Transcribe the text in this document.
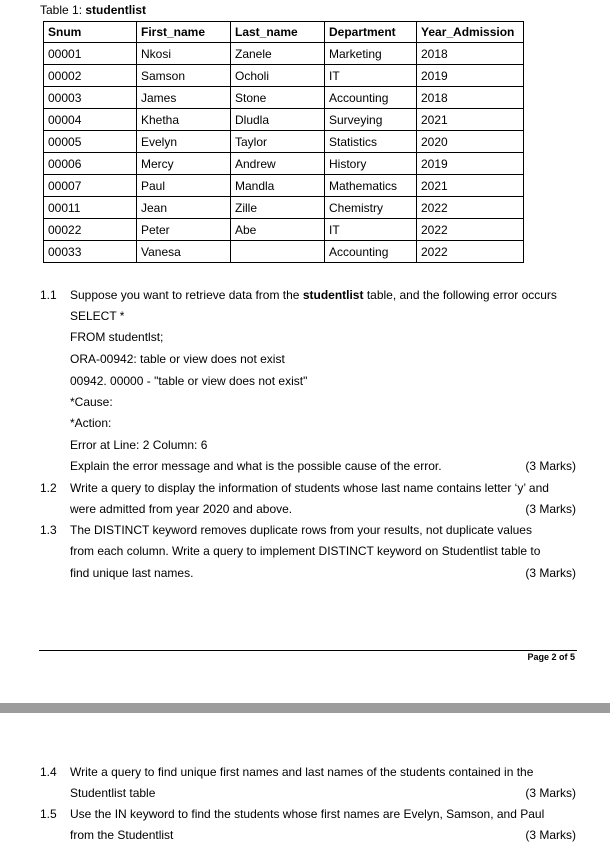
Table 1: studentlist
Snum	First_name	Last_name	Department	Year_Admission
00001	Nkosi	Zanele	Marketing	2018
00002	Samson	Ocholi	IT	2019
00003	James	Stone	Accounting	2018
00004	Khetha	Dludla	Surveying	2021
00005	Evelyn	Taylor	Statistics	2020
00006	Mercy	Andrew	History	2019
00007	Paul	Mandla	Mathematics	2021
00011	Jean	Zille	Chemistry	2022
00022	Peter	Abe	IT	2022
00033	Vanesa		Accounting	2022
1.1 Suppose you want to retrieve data from the studentlist table, and the following error occurs
SELECT *
FROM studentlst;
ORA-00942: table or view does not exist
00942. 00000 - "table or view does not exist"
*Cause:
*Action:
Error at Line: 2 Column: 6
Explain the error message and what is the possible cause of the error.	(3 Marks)
1.2 Write a query to display the information of students whose last name contains letter ‘y’ and
were admitted from year 2020 and above.	(3 Marks)
1.3 The DISTINCT keyword removes duplicate rows from your results, not duplicate values
from each column. Write a query to implement DISTINCT keyword on Studentlist table to
find unique last names.	(3 Marks)
Page 2 of 5
1.4 Write a query to find unique first names and last names of the students contained in the
Studentlist table	(3 Marks)
1.5 Use the IN keyword to find the students whose first names are Evelyn, Samson, and Paul
from the Studentlist	(3 Marks)
